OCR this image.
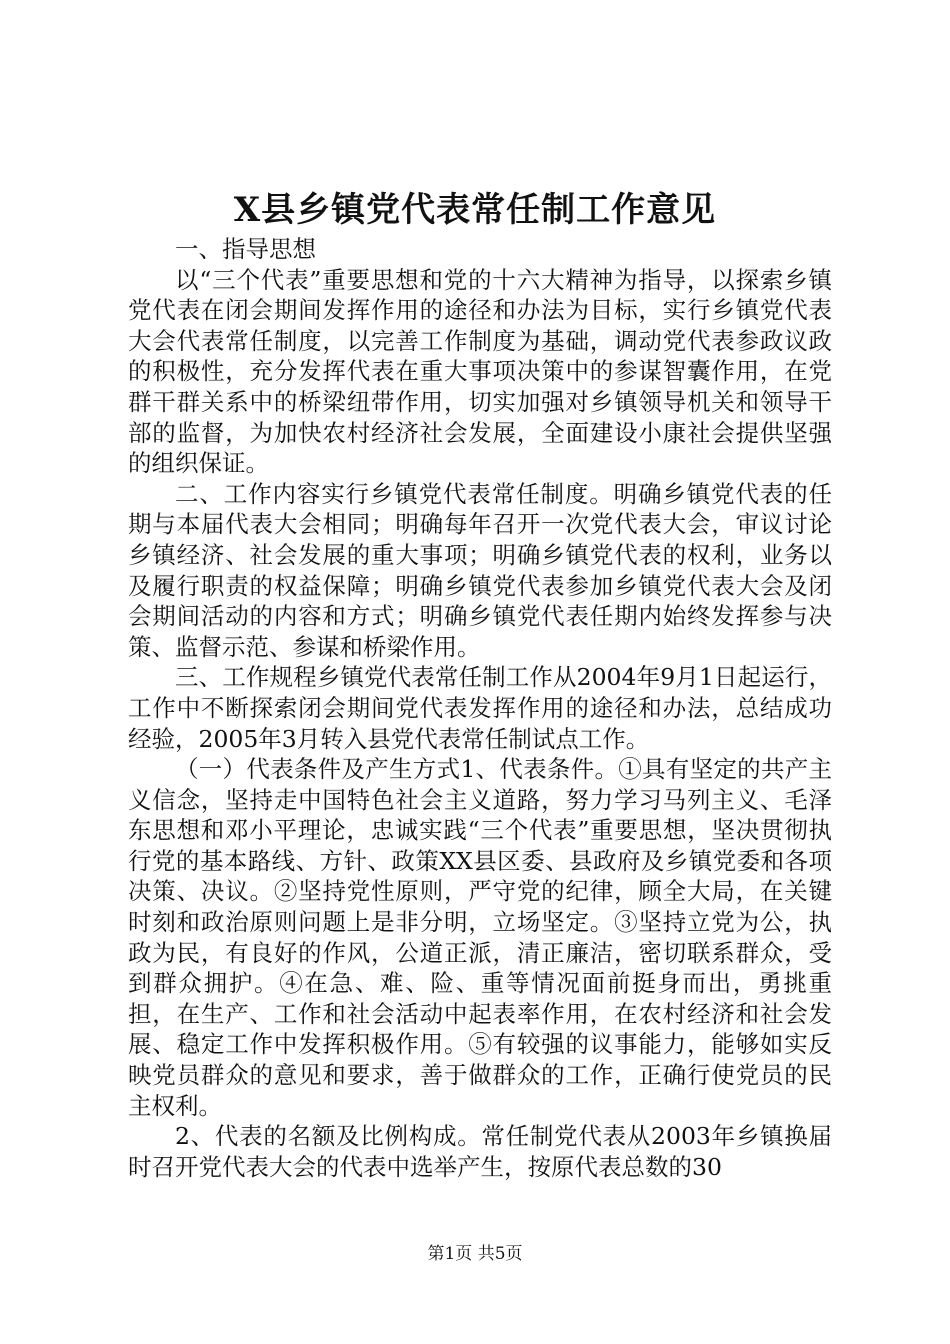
X县乡镇党代表常任制工作意见

一、指导思想

以“三个代表”重要思想和党的十六大精神为指导，以探索乡镇党代表在闭会期间发挥作用的途径和办法为目标，实行乡镇党代表大会代表常任制度，以完善工作制度为基础，调动党代表参政议政的积极性，充分发挥代表在重大事项决策中的参谋智囊作用，在党群干群关系中的桥梁纽带作用，切实加强对乡镇领导机关和领导干部的监督，为加快农村经济社会发展，全面建设小康社会提供坚强的组织保证。

二、工作内容实行乡镇党代表常任制度。明确乡镇党代表的任期与本届代表大会相同；明确每年召开一次党代表大会，审议讨论乡镇经济、社会发展的重大事项；明确乡镇党代表的权利，业务以及履行职责的权益保障；明确乡镇党代表参加乡镇党代表大会及闭会期间活动的内容和方式；明确乡镇党代表任期内始终发挥参与决策、监督示范、参谋和桥梁作用。

三、工作规程乡镇党代表常任制工作从2004年9月1日起运行，工作中不断探索闭会期间党代表发挥作用的途径和办法，总结成功经验，2005年3月转入县党代表常任制试点工作。

（一）代表条件及产生方式1、代表条件。①具有坚定的共产主义信念，坚持走中国特色社会主义道路，努力学习马列主义、毛泽东思想和邓小平理论，忠诚实践“三个代表”重要思想，坚决贯彻执行党的基本路线、方针、政策XX县区委、县政府及乡镇党委和各项决策、决议。②坚持党性原则，严守党的纪律，顾全大局，在关键时刻和政治原则问题上是非分明，立场坚定。③坚持立党为公，执政为民，有良好的作风，公道正派，清正廉洁，密切联系群众，受到群众拥护。④在急、难、险、重等情况面前挺身而出，勇挑重担，在生产、工作和社会活动中起表率作用，在农村经济和社会发展、稳定工作中发挥积极作用。⑤有较强的议事能力，能够如实反映党员群众的意见和要求，善于做群众的工作，正确行使党员的民主权利。

2、代表的名额及比例构成。常任制党代表从2003年乡镇换届时召开党代表大会的代表中选举产生，按原代表总数的30

第1页 共5页
